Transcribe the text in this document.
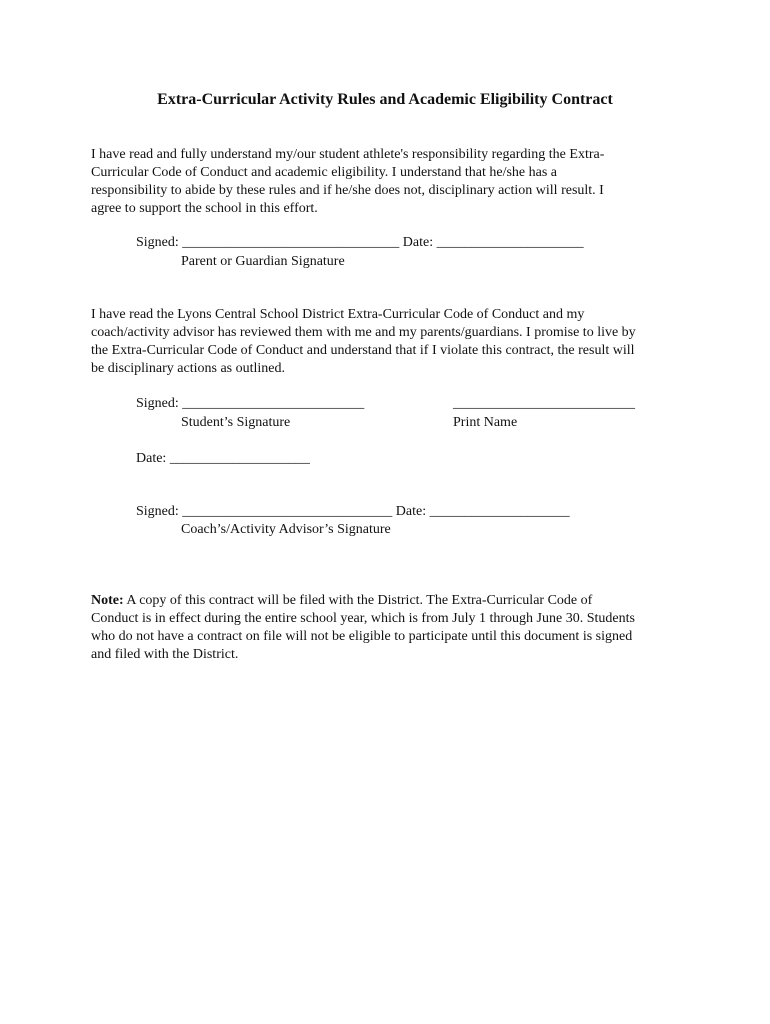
Extra-Curricular Activity Rules and Academic Eligibility Contract
I have read and fully understand my/our student athlete's responsibility regarding the Extra-
Curricular Code of Conduct and academic eligibility. I understand that he/she has a
responsibility to abide by these rules and if he/she does not, disciplinary action will result. I
agree to support the school in this effort.
Signed: _______________________________ Date: _____________________
Parent or Guardian Signature
I have read the Lyons Central School District Extra-Curricular Code of Conduct and my
coach/activity advisor has reviewed them with me and my parents/guardians. I promise to live by
the Extra-Curricular Code of Conduct and understand that if I violate this contract, the result will
be disciplinary actions as outlined.
Signed: __________________________	__________________________
Student’s Signature	Print Name
Date: ____________________
Signed: ______________________________ Date: ____________________
Coach’s/Activity Advisor’s Signature
Note: A copy of this contract will be filed with the District. The Extra-Curricular Code of
Conduct is in effect during the entire school year, which is from July 1 through June 30. Students
who do not have a contract on file will not be eligible to participate until this document is signed
and filed with the District.
